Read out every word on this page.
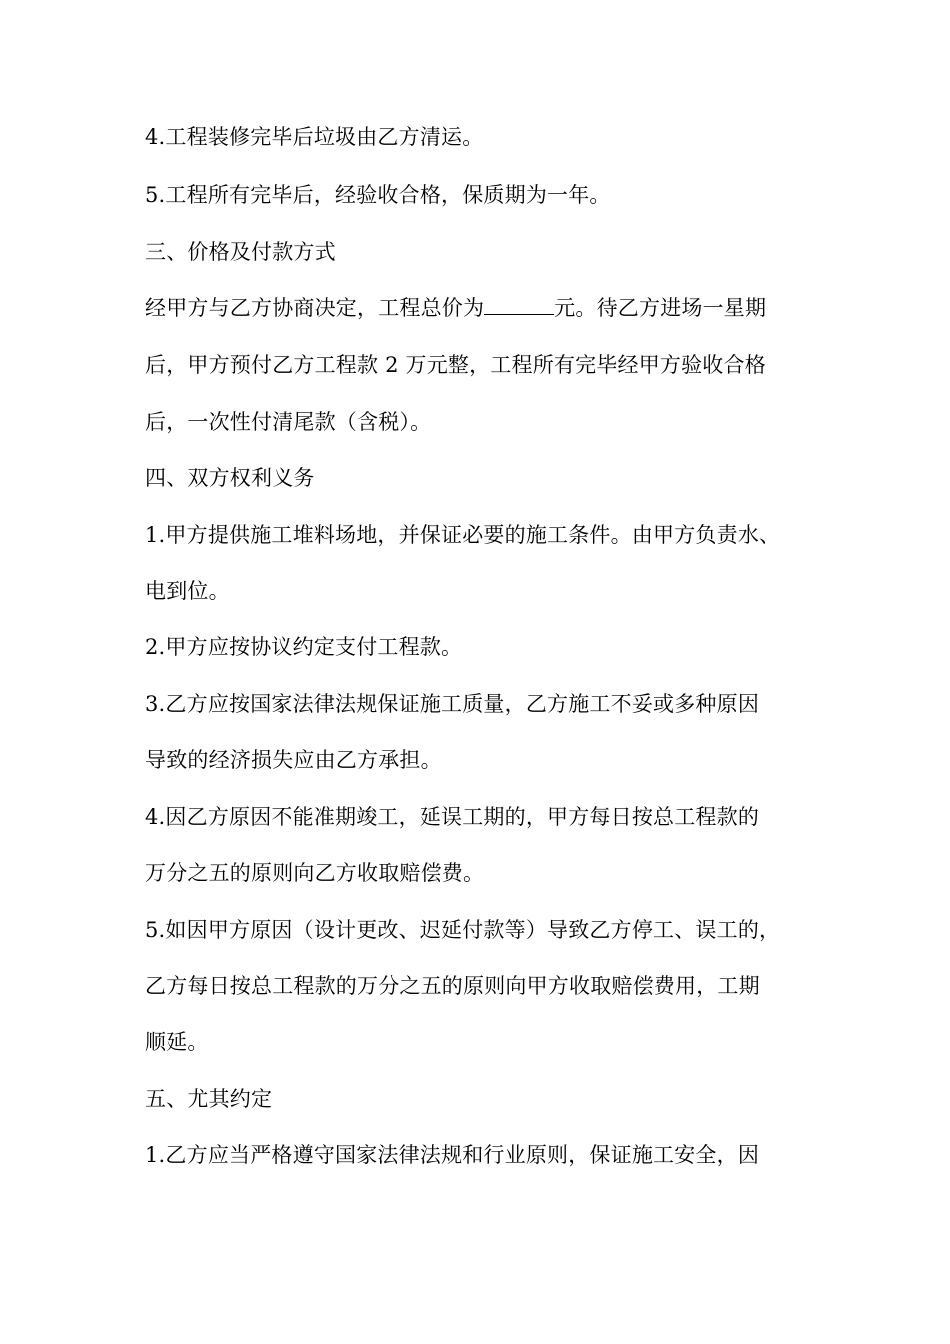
4.工程装修完毕后垃圾由乙方清运。
5.工程所有完毕后，经验收合格，保质期为一年。
三、价格及付款方式
经甲方与乙方协商决定，工程总价为	元。待乙方进场一星期
后，甲方预付乙方工程款 2 万元整，工程所有完毕经甲方验收合格
后，一次性付清尾款（含税）。
四、双方权利义务
1.甲方提供施工堆料场地，并保证必要的施工条件。由甲方负责水、
电到位。
2.甲方应按协议约定支付工程款。
3.乙方应按国家法律法规保证施工质量，乙方施工不妥或多种原因
导致的经济损失应由乙方承担。
4.因乙方原因不能准期竣工，延误工期的，甲方每日按总工程款的
万分之五的原则向乙方收取赔偿费。
5.如因甲方原因（设计更改、迟延付款等）导致乙方停工、误工的，
乙方每日按总工程款的万分之五的原则向甲方收取赔偿费用，工期
顺延。
五、尤其约定
1.乙方应当严格遵守国家法律法规和行业原则，保证施工安全，因
